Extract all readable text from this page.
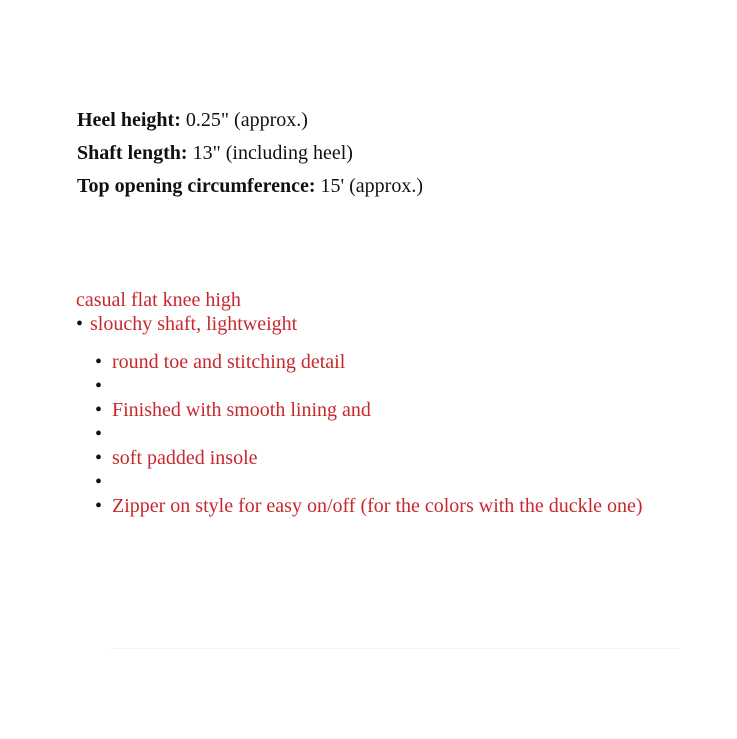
Heel height: 0.25" (approx.)
Shaft length: 13" (including heel)
Top opening circumference: 15' (approx.)
casual flat knee high
• slouchy shaft, lightweight
• round toe and stitching detail
•
• Finished with smooth lining and
•
• soft padded insole
•
• Zipper on style for easy on/off (for the colors with the duckle one)
